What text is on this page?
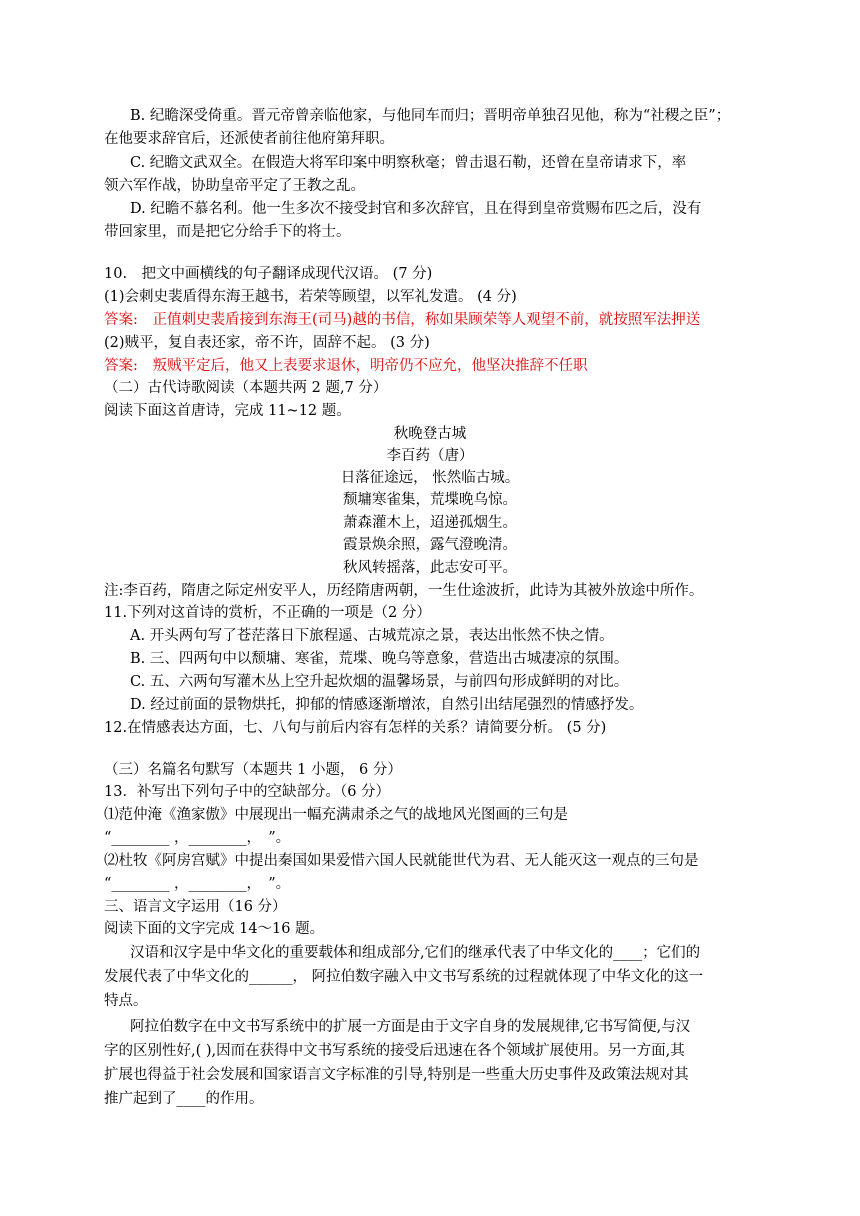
B. 纪瞻深受倚重。晋元帝曾亲临他家，与他同车而归；晋明帝单独召见他，称为“社稷之臣”；
在他要求辞官后，还派使者前往他府第拜职。
C. 纪瞻文武双全。在假造大将军印案中明察秋毫；曾击退石勒，还曾在皇帝请求下，率
领六军作战，协助皇帝平定了王教之乱。
D. 纪瞻不慕名利。他一生多次不接受封官和多次辞官，且在得到皇帝赏赐布匹之后，没有
带回家里，而是把它分给手下的将士。
10.　把文中画横线的句子翻译成现代汉语。 (7 分)
(1)会刺史裴盾得东海王越书，若荣等顾望，以军礼发遣。 (4 分)
答案: 正值刺史裴盾接到东海王(司马)越的书信，称如果顾荣等人观望不前，就按照军法押送
(2)贼平，复自表还家，帝不许，固辞不起。 (3 分)
答案: 叛贼平定后，他又上表要求退休，明帝仍不应允，他坚决推辞不任职
（二）古代诗歌阅读（本题共两 2 题,7 分）
阅读下面这首唐诗，完成 11~12 题。
秋晚登古城
李百药（唐）
日落征途远， 怅然临古城。
颓墉寒雀集，荒堞晚乌惊。
萧森灌木上，迢递孤烟生。
霞景焕余照，露气澄晚清。
秋风转摇落，此志安可平。
注:李百药，隋唐之际定州安平人，历经隋唐两朝，一生仕途波折，此诗为其被外放途中所作。
11.下列对这首诗的赏析，不正确的一项是（2 分）
A. 开头两句写了苍茫落日下旅程遥、古城荒凉之景，表达出怅然不快之情。
B. 三、四两句中以颓墉、寒雀，荒堞、晚乌等意象，营造出古城凄凉的氛围。
C. 五、六两句写灌木丛上空升起炊烟的温馨场景，与前四句形成鲜明的对比。
D. 经过前面的景物烘托，抑郁的情感逐渐增浓，自然引出结尾强烈的情感抒发。
12.在情感表达方面，七、八句与前后内容有怎样的关系？请简要分析。 (5 分)
（三）名篇名句默写（本题共 1 小题， 6 分）
13．补写出下列句子中的空缺部分。（6 分）
⑴范仲淹《渔家傲》中展现出一幅充满肃杀之气的战地风光图画的三句是
“________ ，________，　”。
⑵杜牧《阿房宫赋》中提出秦国如果爱惜六国人民就能世代为君、无人能灭这一观点的三句是
“________ ，________，　”。
三、语言文字运用（16 分）
阅读下面的文字完成 14～16 题。
汉语和汉字是中华文化的重要载体和组成部分,它们的继承代表了中华文化的____；它们的
发展代表了中华文化的______， 阿拉伯数字融入中文书写系统的过程就体现了中华文化的这一
特点。
阿拉伯数字在中文书写系统中的扩展一方面是由于文字自身的发展规律,它书写简便,与汉
字的区别性好,( ),因而在获得中文书写系统的接受后迅速在各个领域扩展使用。另一方面,其
扩展也得益于社会发展和国家语言文字标准的引导,特别是一些重大历史事件及政策法规对其
推广起到了____的作用。
